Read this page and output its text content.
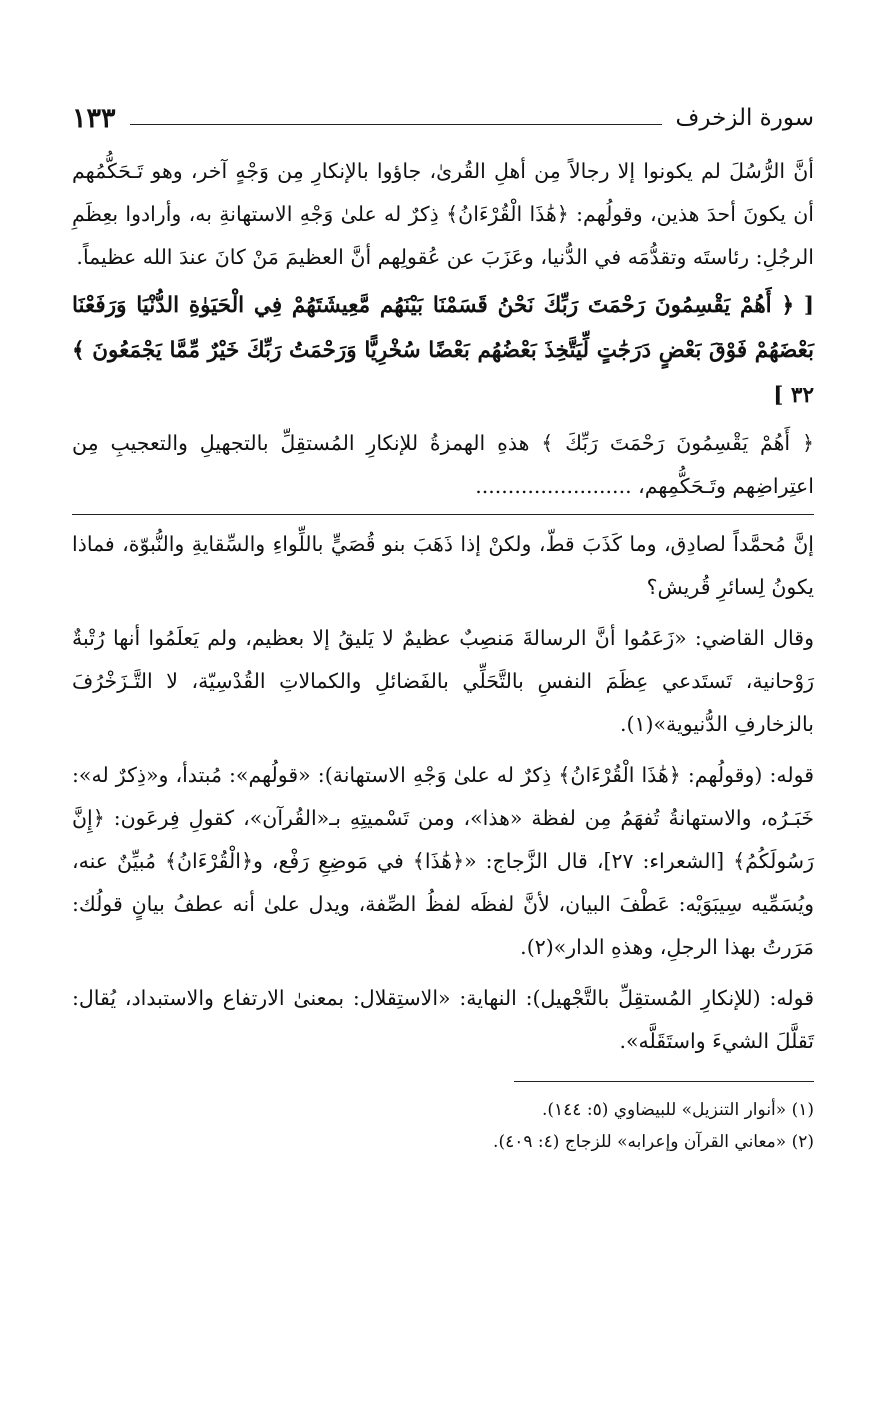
سورة الزخرف
١٣٣

أنَّ الرُّسُلَ لم يكونوا إلا رجالاً مِن أهلِ القُرىٰ، جاؤوا بالإنكارِ مِن وَجْهٍ آخر، وهو تَـحَكُّمُهم أن يكونَ أحدَ هذين، وقولُهم: ﴿هَٰذَا الْقُرْءَانُ﴾ ذِكرٌ له علىٰ وَجْهِ الاستهانةِ به، وأرادوا بعِظَمِ الرجُلِ: رئاستَه وتقدُّمَه في الدُّنيا، وعَزَبَ عن عُقولِهم أنَّ العظيمَ مَنْ كانَ عندَ الله عظيماً.

[ ﴿ أَهُمْ يَقْسِمُونَ رَحْمَتَ رَبِّكَ نَحْنُ قَسَمْنَا بَيْنَهُم مَّعِيشَتَهُمْ فِي الْحَيَوٰةِ الدُّنْيَا وَرَفَعْنَا بَعْضَهُمْ فَوْقَ بَعْضٍ دَرَجَٰتٍ لِّيَتَّخِذَ بَعْضُهُم بَعْضًا سُخْرِيًّا وَرَحْمَتُ رَبِّكَ خَيْرٌ مِّمَّا يَجْمَعُونَ ﴾ ٣٢ ]

﴿ أَهُمْ يَقْسِمُونَ رَحْمَتَ رَبِّكَ ﴾ هذهِ الهمزةُ للإنكارِ المُستقِلِّ بالتجهيلِ والتعجيبِ مِن اعتِراضِهم وتَـحَكُّمِهم، ........................

إنَّ مُحمَّداً لصادِق، وما كَذَبَ قطّ، ولكنْ إذا ذَهَبَ بنو قُصَيٍّ باللِّواءِ والسِّقايةِ والنُّبوّة، فماذا يكونُ لِسائرِ قُريش؟

وقال القاضي: «زَعَمُوا أنَّ الرسالةَ مَنصِبٌ عظيمٌ لا يَليقُ إلا بعظيم، ولم يَعلَمُوا أنها رُتْبةٌ رَوْحانية، تَستَدعي عِظَمَ النفسِ بالتَّحَلِّي بالفَضائلِ والكمالاتِ القُدْسِيّة، لا التَّـزَخْرُفَ بالزخارفِ الدُّنيوية»(١).

قوله: (وقولُهم: ﴿هَٰذَا الْقُرْءَانُ﴾ ذِكرٌ له علىٰ وَجْهِ الاستهانة): «قولُهم»: مُبتدأ، و«ذِكرٌ له»: خَبَـرُه، والاستهانةُ تُفهَمُ مِن لفظة «هذا»، ومن تَسْميتِهِ بـ«القُرآن»، كقولِ فِرعَون: ﴿إِنَّ رَسُولَكُمُ﴾ [الشعراء: ٢٧]، قال الزَّجاج: «﴿هَٰذَا﴾ في مَوضِعِ رَفْع، و﴿الْقُرْءَانُ﴾ مُبيِّنٌ عنه، ويُسَمِّيه سِيبَوَيْه: عَطْفَ البيان، لأنَّ لفظَه لفظُ الصِّفة، ويدل علىٰ أنه عطفُ بيانٍ قولُك: مَرَرتُ بهذا الرجلِ، وهذهِ الدار»(٢).

قوله: (للإنكارِ المُستقِلِّ بالتَّجْهيل): النهاية: «الاستِقلال: بمعنىٰ الارتفاع والاستبداد، يُقال: تَقلَّلَ الشيءَ واستَقَلَّه».

(١) «أنوار التنزيل» للبيضاوي (٥: ١٤٤).

(٢) «معاني القرآن وإعرابه» للزجاج (٤: ٤٠٩).
